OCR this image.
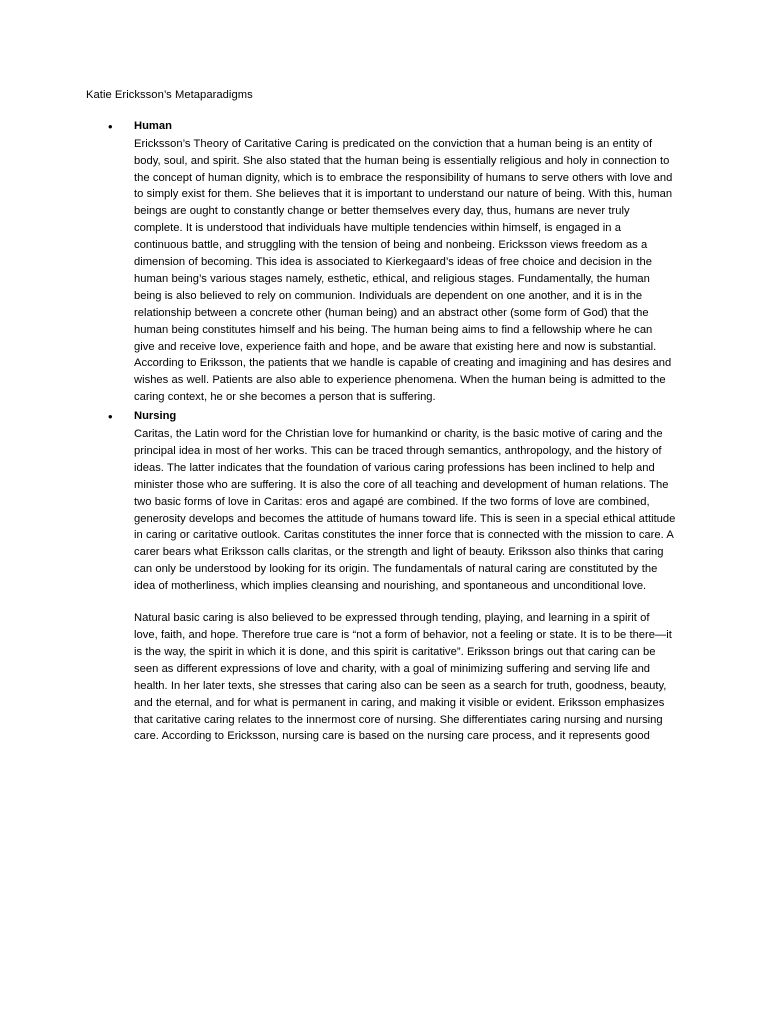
Katie Ericksson’s Metaparadigms

• Human

Ericksson’s Theory of Caritative Caring is predicated on the conviction that a human being is an entity of body, soul, and spirit. She also stated that the human being is essentially religious and holy in connection to the concept of human dignity, which is to embrace the responsibility of humans to serve others with love and to simply exist for them. She believes that it is important to understand our nature of being. With this, human beings are ought to constantly change or better themselves every day, thus, humans are never truly complete. It is understood that individuals have multiple tendencies within himself, is engaged in a continuous battle, and struggling with the tension of being and nonbeing. Ericksson views freedom as a dimension of becoming. This idea is associated to Kierkegaard’s ideas of free choice and decision in the human being’s various stages namely, esthetic, ethical, and religious stages. Fundamentally, the human being is also believed to rely on communion. Individuals are dependent on one another, and it is in the relationship between a concrete other (human being) and an abstract other (some form of God) that the human being constitutes himself and his being. The human being aims to find a fellowship where he can give and receive love, experience faith and hope, and be aware that existing here and now is substantial. According to Eriksson, the patients that we handle is capable of creating and imagining and has desires and wishes as well. Patients are also able to experience phenomena. When the human being is admitted to the caring context, he or she becomes a person that is suffering.

• Nursing

Caritas, the Latin word for the Christian love for humankind or charity, is the basic motive of caring and the principal idea in most of her works. This can be traced through semantics, anthropology, and the history of ideas. The latter indicates that the foundation of various caring professions has been inclined to help and minister those who are suffering. It is also the core of all teaching and development of human relations. The two basic forms of love in Caritas: eros and agapé are combined. If the two forms of love are combined, generosity develops and becomes the attitude of humans toward life. This is seen in a special ethical attitude in caring or caritative outlook. Caritas constitutes the inner force that is connected with the mission to care. A carer bears what Eriksson calls claritas, or the strength and light of beauty. Eriksson also thinks that caring can only be understood by looking for its origin. The fundamentals of natural caring are constituted by the idea of motherliness, which implies cleansing and nourishing, and spontaneous and unconditional love.

Natural basic caring is also believed to be expressed through tending, playing, and learning in a spirit of love, faith, and hope. Therefore true care is “not a form of behavior, not a feeling or state. It is to be there—it is the way, the spirit in which it is done, and this spirit is caritative”. Eriksson brings out that caring can be seen as different expressions of love and charity, with a goal of minimizing suffering and serving life and health. In her later texts, she stresses that caring also can be seen as a search for truth, goodness, beauty, and the eternal, and for what is permanent in caring, and making it visible or evident. Eriksson emphasizes that caritative caring relates to the innermost core of nursing. She differentiates caring nursing and nursing care. According to Ericksson, nursing care is based on the nursing care process, and it represents good
